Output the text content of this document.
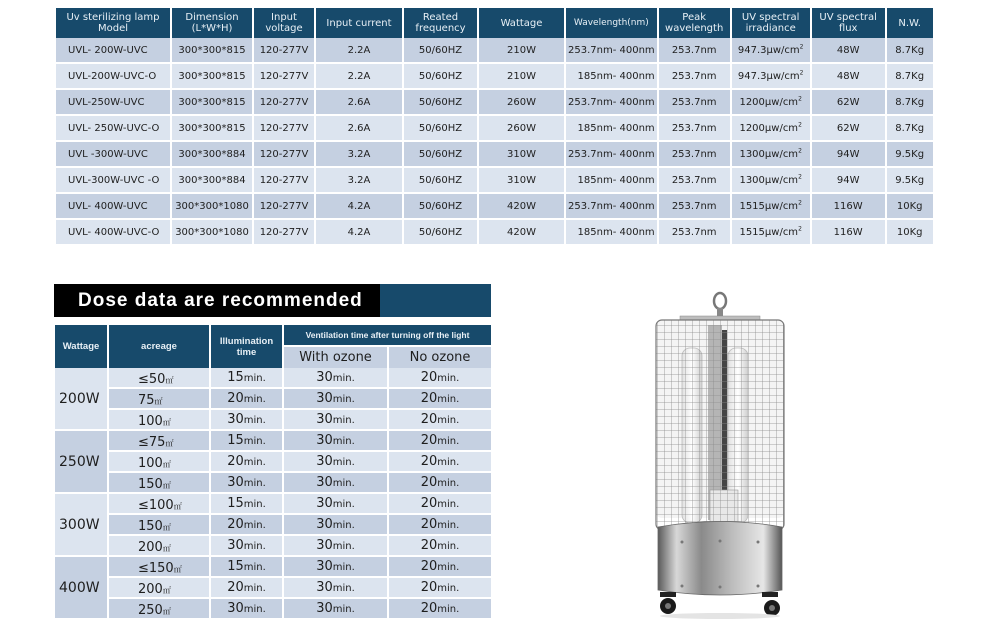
Uv sterilizing lamp Model	Dimension (L*W*H)	Input voltage	Input current	Reated frequency	Wattage	Wavelength(nm)	Peak wavelength	UV spectral irradiance	UV spectral flux	N.W.
UVL- 200W-UVC	300*300*815	120-277V	2.2A	50/60HZ	210W	253.7nm- 400nm	253.7nm	$947.3\mu w/cm^2$	48W	8.7Kg
UVL-200W-UVC-O	300*300*815	120-277V	2.2A	50/60HZ	210W	185nm- 400nm	253.7nm	$947.3\mu w/cm^2$	48W	8.7Kg
UVL-250W-UVC	300*300*815	120-277V	2.6A	50/60HZ	260W	253.7nm- 400nm	253.7nm	$1200\mu w/cm^2$	62W	8.7Kg
UVL- 250W-UVC-O	300*300*815	120-277V	2.6A	50/60HZ	260W	185nm- 400nm	253.7nm	$1200\mu w/cm^2$	62W	8.7Kg
UVL -300W-UVC	300*300*884	120-277V	3.2A	50/60HZ	310W	253.7nm- 400nm	253.7nm	$1300\mu w/cm^2$	94W	9.5Kg
UVL-300W-UVC -O	300*300*884	120-277V	3.2A	50/60HZ	310W	185nm- 400nm	253.7nm	$1300\mu w/cm^2$	94W	9.5Kg
UVL- 400W-UVC	300*300*1080	120-277V	4.2A	50/60HZ	420W	253.7nm- 400nm	253.7nm	$1515\mu w/cm^2$	116W	10Kg
UVL- 400W-UVC-O	300*300*1080	120-277V	4.2A	50/60HZ	420W	185nm- 400nm	253.7nm	$1515\mu w/cm^2$	116W	10Kg
Dose data are recommended
Wattage	acreage	Illumination time	Ventilation time after turning off the light	
			With ozone	No ozone
200W	≤50㎡	15min.	30min.	20min.
	75㎡	20min.	30min.	20min.
	100㎡	30min.	30min.	20min.
250W	≤75㎡	15min.	30min.	20min.
	100㎡	20min.	30min.	20min.
	150㎡	30min.	30min.	20min.
300W	≤100㎡	15min.	30min.	20min.
	150㎡	20min.	30min.	20min.
	200㎡	30min.	30min.	20min.
400W	≤150㎡	15min.	30min.	20min.
	200㎡	20min.	30min.	20min.
	250㎡	30min.	30min.	20min.
